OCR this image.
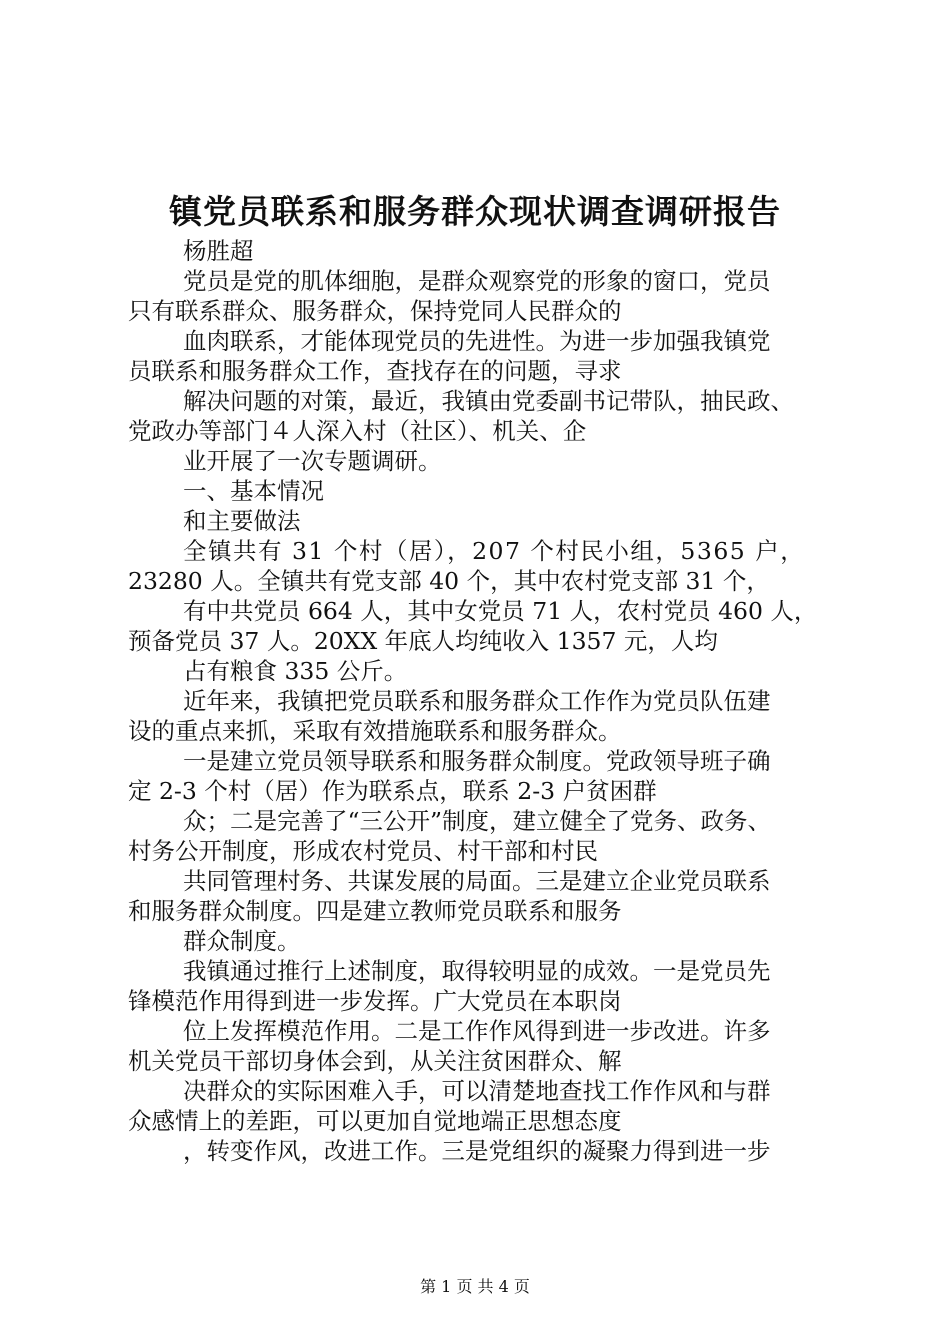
镇党员联系和服务群众现状调查调研报告
杨胜超
党员是党的肌体细胞，是群众观察党的形象的窗口，党员
只有联系群众、服务群众，保持党同人民群众的
血肉联系，才能体现党员的先进性。为进一步加强我镇党
员联系和服务群众工作，查找存在的问题，寻求
解决问题的对策，最近，我镇由党委副书记带队，抽民政、
党政办等部门４人深入村（社区）、机关、企
业开展了一次专题调研。
一、基本情况
和主要做法
全镇共有 31 个村（居），207 个村民小组，5365 户，
23280 人。全镇共有党支部 40 个，其中农村党支部 31 个，
有中共党员 664 人，其中女党员 71 人，农村党员 460 人，
预备党员 37 人。20XX 年底人均纯收入 1357 元，人均
占有粮食 335 公斤。
近年来，我镇把党员联系和服务群众工作作为党员队伍建
设的重点来抓，采取有效措施联系和服务群众。
一是建立党员领导联系和服务群众制度。党政领导班子确
定 2-3 个村（居）作为联系点，联系 2-3 户贫困群
众；二是完善了“三公开”制度，建立健全了党务、政务、
村务公开制度，形成农村党员、村干部和村民
共同管理村务、共谋发展的局面。三是建立企业党员联系
和服务群众制度。四是建立教师党员联系和服务
群众制度。
我镇通过推行上述制度，取得较明显的成效。一是党员先
锋模范作用得到进一步发挥。广大党员在本职岗
位上发挥模范作用。二是工作作风得到进一步改进。许多
机关党员干部切身体会到，从关注贫困群众、解
决群众的实际困难入手，可以清楚地查找工作作风和与群
众感情上的差距，可以更加自觉地端正思想态度
，转变作风，改进工作。三是党组织的凝聚力得到进一步
第 1 页 共 4 页
